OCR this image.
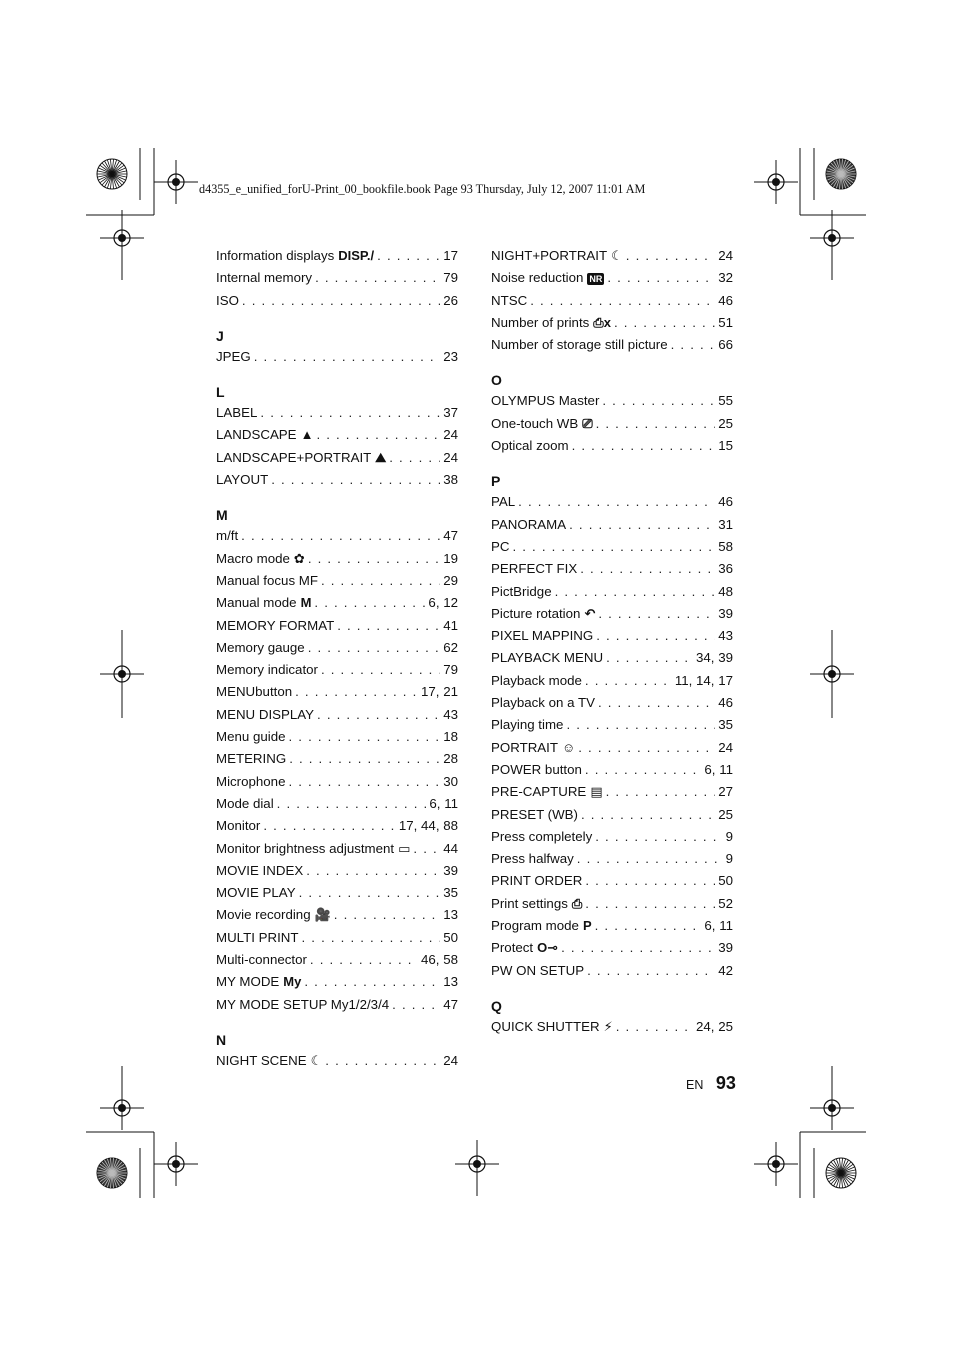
d4355_e_unified_forU-Print_00_bookfile.book Page 93 Thursday, July 12, 2007 11:01 AM
Information displays DISP./ . . .	17
Internal memory . . .	79
ISO . . .	26
J
JPEG . . .	23
L
LABEL . . .	37
LANDSCAPE ▲ . . .	24
LANDSCAPE+PORTRAIT ⛰ . . .	24
LAYOUT . . .	38
M
m/ft . . .	47
Macro mode ✿ . . .	19
Manual focus MF . . .	29
Manual mode M . . .	6, 12
MEMORY FORMAT . . .	41
Memory gauge . . .	62
Memory indicator . . .	79
MENUbutton . . .	17, 21
MENU DISPLAY . . .	43
Menu guide . . .	18
METERING . . .	28
Microphone . . .	30
Mode dial . . .	6, 11
Monitor . . .	17, 44, 88
Monitor brightness adjustment ▭ . . . 44
MOVIE INDEX . . .	39
MOVIE PLAY . . .	35
Movie recording 🎥 . . .	13
MULTI PRINT . . .	50
Multi-connector . . .	46, 58
MY MODE My . . .	13
MY MODE SETUP My1/2/3/4 . . .	47
N
NIGHT SCENE ☾ . . .	24
NIGHT+PORTRAIT ☾ . . .	24
Noise reduction NR . . .	32
NTSC . . .	46
Number of prints ⎙x . . .	51
Number of storage still picture . . .	66
O
OLYMPUS Master . . .	55
One-touch WB ⎚ . . .	25
Optical zoom . . .	15
P
PAL . . .	46
PANORAMA . . .	31
PC . . .	58
PERFECT FIX . . .	36
PictBridge . . .	48
Picture rotation ↶ . . .	39
PIXEL MAPPING . . .	43
PLAYBACK MENU . . .	34, 39
Playback mode . . .	11, 14, 17
Playback on a TV . . .	46
Playing time . . .	35
PORTRAIT ☺ . . .	24
POWER button . . .	6, 11
PRE-CAPTURE ▤ . . .	27
PRESET (WB) . . .	25
Press completely . . .	9
Press halfway . . .	9
PRINT ORDER . . .	50
Print settings ⎙ . . .	52
Program mode P . . .	6, 11
Protect O⊸ . . .	39
PW ON SETUP . . .	42
Q
QUICK SHUTTER ⚡ . . .	24, 25
EN 93
